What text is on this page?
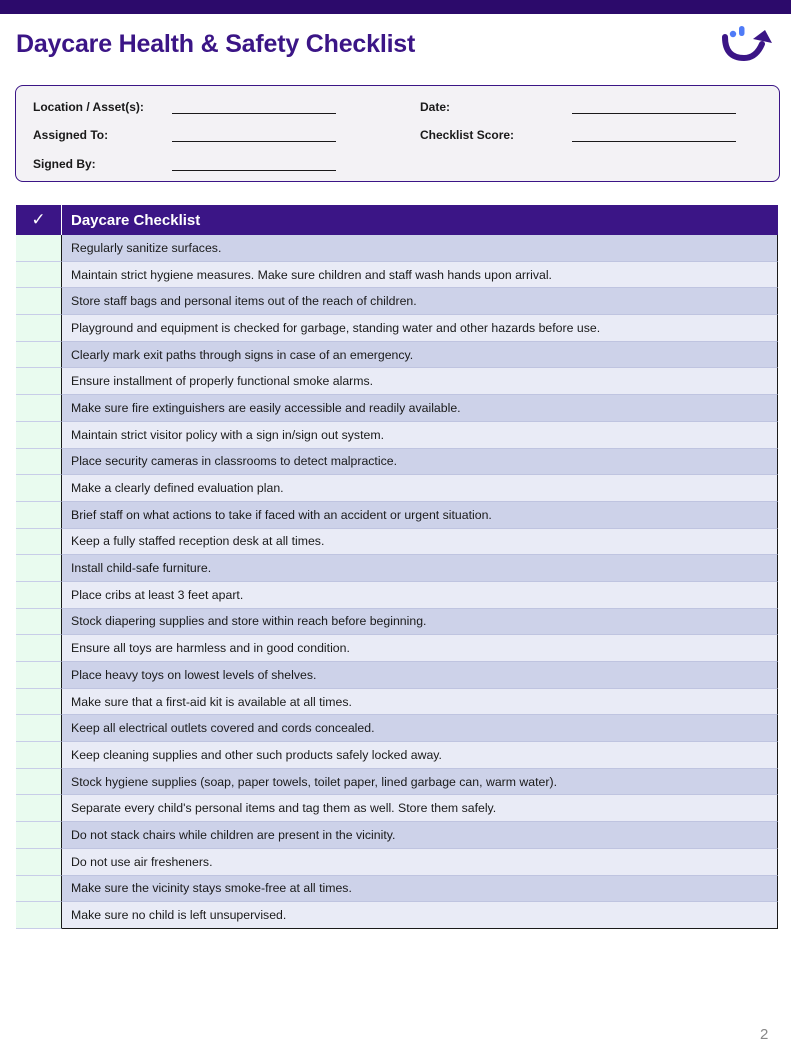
Daycare Health & Safety Checklist
Location / Asset(s):	Date:
Assigned To:	Checklist Score:
Signed By:
✓	Daycare Checklist
Regularly sanitize surfaces.
Maintain strict hygiene measures. Make sure children and staff wash hands upon arrival.
Store staff bags and personal items out of the reach of children.
Playground and equipment is checked for garbage, standing water and other hazards before use.
Clearly mark exit paths through signs in case of an emergency.
Ensure installment of properly functional smoke alarms.
Make sure fire extinguishers are easily accessible and readily available.
Maintain strict visitor policy with a sign in/sign out system.
Place security cameras in classrooms to detect malpractice.
Make a clearly defined evaluation plan.
Brief staff on what actions to take if faced with an accident or urgent situation.
Keep a fully staffed reception desk at all times.
Install child-safe furniture.
Place cribs at least 3 feet apart.
Stock diapering supplies and store within reach before beginning.
Ensure all toys are harmless and in good condition.
Place heavy toys on lowest levels of shelves.
Make sure that a first-aid kit is available at all times.
Keep all electrical outlets covered and cords concealed.
Keep cleaning supplies and other such products safely locked away.
Stock hygiene supplies (soap, paper towels, toilet paper, lined garbage can, warm water).
Separate every child's personal items and tag them as well. Store them safely.
Do not stack chairs while children are present in the vicinity.
Do not use air fresheners.
Make sure the vicinity stays smoke-free at all times.
Make sure no child is left unsupervised.
2
